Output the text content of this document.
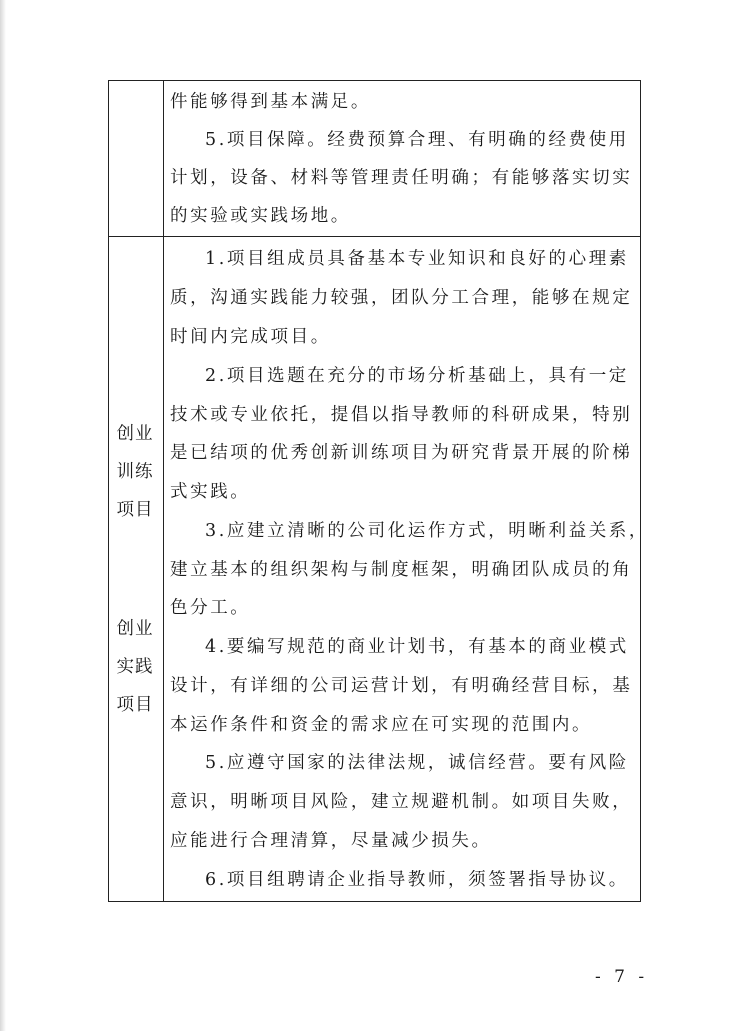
件能够得到基本满足。
5.项目保障。经费预算合理、有明确的经费使用
计划，设备、材料等管理责任明确；有能够落实切实
的实验或实践场地。
创业
训练
项目
创业
实践
项目
1.项目组成员具备基本专业知识和良好的心理素
质，沟通实践能力较强，团队分工合理，能够在规定
时间内完成项目。
2.项目选题在充分的市场分析基础上，具有一定
技术或专业依托，提倡以指导教师的科研成果，特别
是已结项的优秀创新训练项目为研究背景开展的阶梯
式实践。
3.应建立清晰的公司化运作方式，明晰利益关系，
建立基本的组织架构与制度框架，明确团队成员的角
色分工。
4.要编写规范的商业计划书，有基本的商业模式
设计，有详细的公司运营计划，有明确经营目标，基
本运作条件和资金的需求应在可实现的范围内。
5.应遵守国家的法律法规，诚信经营。要有风险
意识，明晰项目风险，建立规避机制。如项目失败，
应能进行合理清算，尽量减少损失。
6.项目组聘请企业指导教师，须签署指导协议。
- 7 -
